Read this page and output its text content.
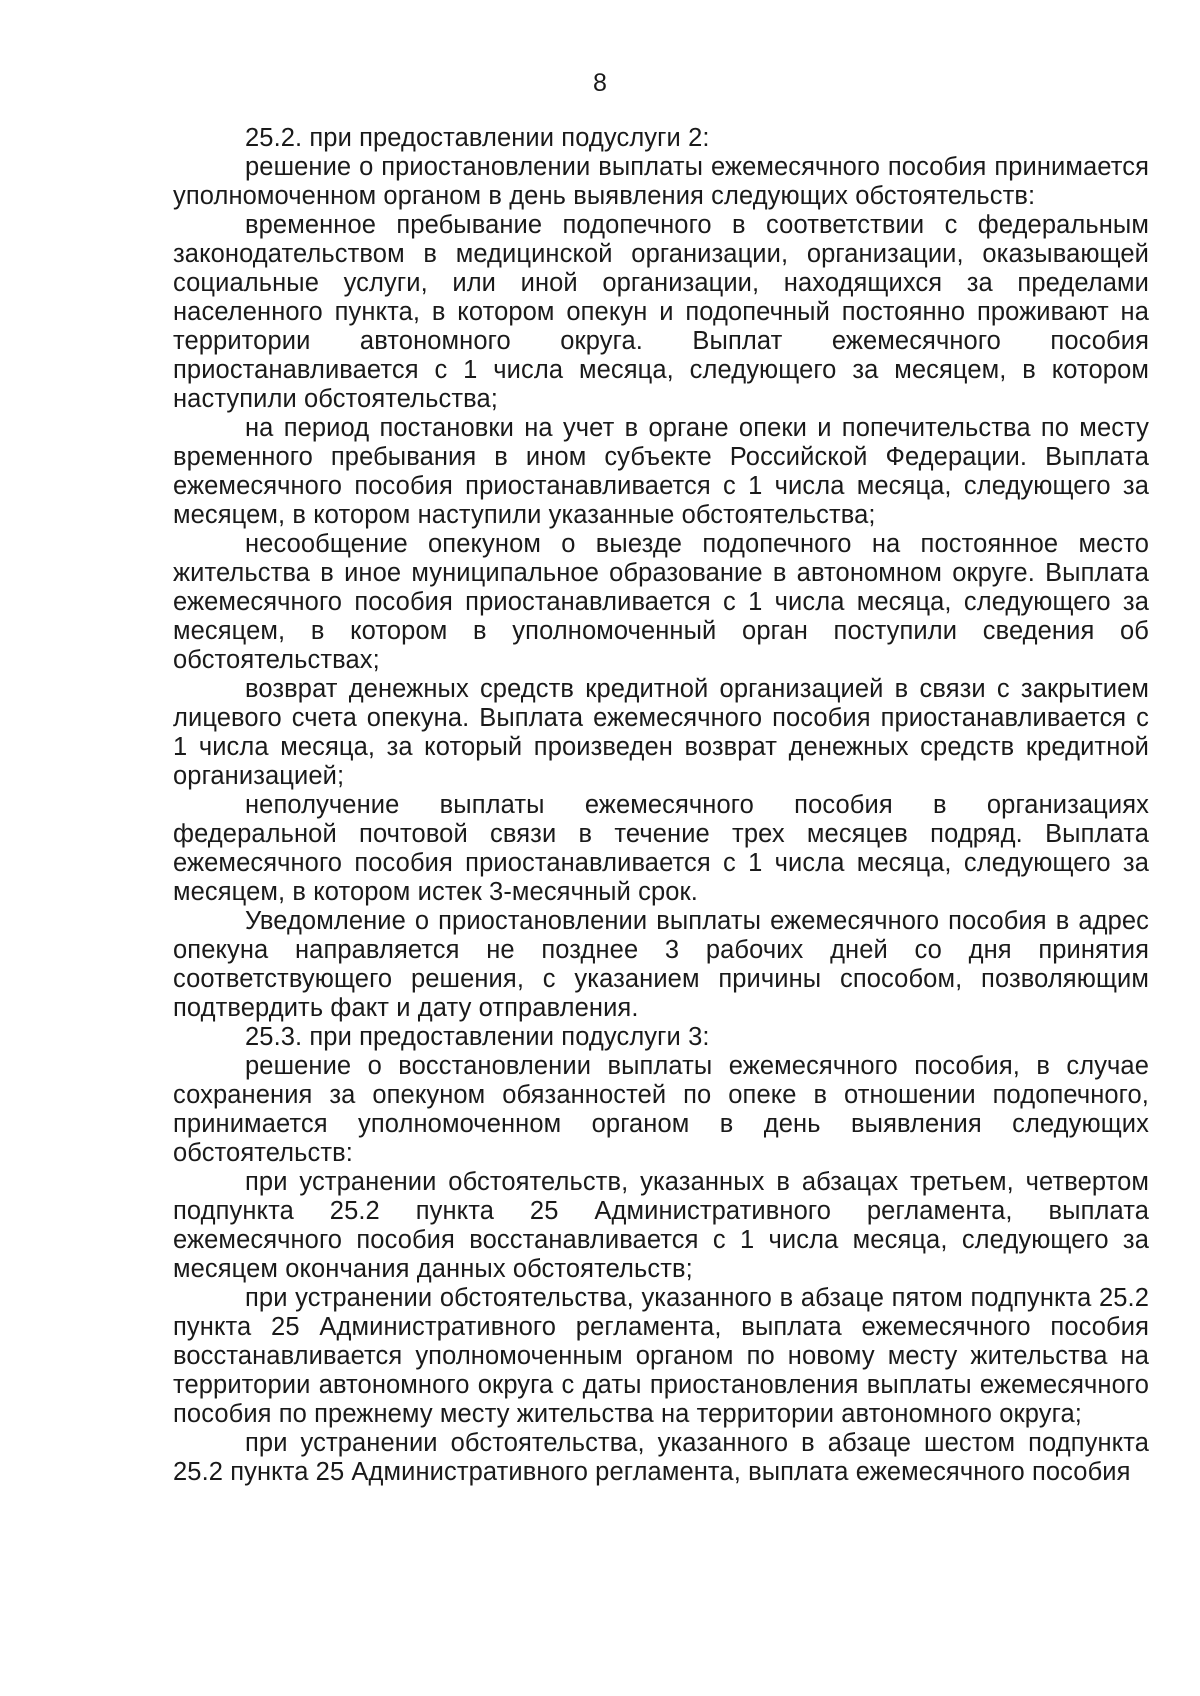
8

25.2. при предоставлении подуслуги 2:

решение о приостановлении выплаты ежемесячного пособия принимается уполномоченном органом в день выявления следующих обстоятельств:

временное пребывание подопечного в соответствии с федеральным законодательством в медицинской организации, организации, оказывающей социальные услуги, или иной организации, находящихся за пределами населенного пункта, в котором опекун и подопечный постоянно проживают на территории автономного округа. Выплат ежемесячного пособия приостанавливается с 1 числа месяца, следующего за месяцем, в котором наступили обстоятельства;

на период постановки на учет в органе опеки и попечительства по месту временного пребывания в ином субъекте Российской Федерации. Выплата ежемесячного пособия приостанавливается с 1 числа месяца, следующего за месяцем, в котором наступили указанные обстоятельства;

несообщение опекуном о выезде подопечного на постоянное место жительства в иное муниципальное образование в автономном округе. Выплата ежемесячного пособия приостанавливается с 1 числа месяца, следующего за месяцем, в котором в уполномоченный орган поступили сведения об обстоятельствах;

возврат денежных средств кредитной организацией в связи с закрытием лицевого счета опекуна. Выплата ежемесячного пособия приостанавливается с 1 числа месяца, за который произведен возврат денежных средств кредитной организацией;

неполучение выплаты ежемесячного пособия в организациях федеральной почтовой связи в течение трех месяцев подряд. Выплата ежемесячного пособия приостанавливается с 1 числа месяца, следующего за месяцем, в котором истек 3-месячный срок.

Уведомление о приостановлении выплаты ежемесячного пособия в адрес опекуна направляется не позднее 3 рабочих дней со дня принятия соответствующего решения, с указанием причины способом, позволяющим подтвердить факт и дату отправления.

25.3. при предоставлении подуслуги 3:

решение о восстановлении выплаты ежемесячного пособия, в случае сохранения за опекуном обязанностей по опеке в отношении подопечного, принимается уполномоченном органом в день выявления следующих обстоятельств:

при устранении обстоятельств, указанных в абзацах третьем, четвертом подпункта 25.2 пункта 25 Административного регламента, выплата ежемесячного пособия восстанавливается с 1 числа месяца, следующего за месяцем окончания данных обстоятельств;

при устранении обстоятельства, указанного в абзаце пятом подпункта 25.2 пункта 25 Административного регламента, выплата ежемесячного пособия восстанавливается уполномоченным органом по новому месту жительства на территории автономного округа с даты приостановления выплаты ежемесячного пособия по прежнему месту жительства на территории автономного округа;

при устранении обстоятельства, указанного в абзаце шестом подпункта 25.2 пункта 25 Административного регламента, выплата ежемесячного пособия
